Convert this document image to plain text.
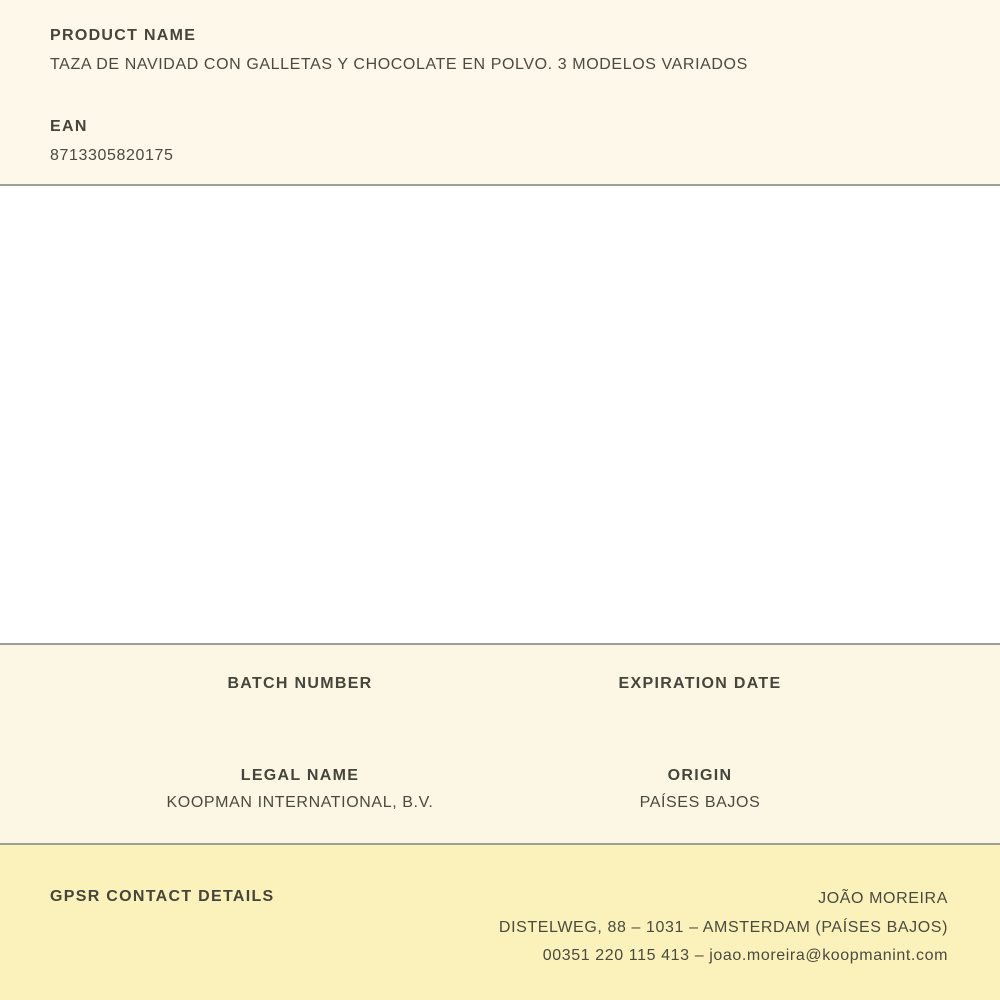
PRODUCT NAME
TAZA DE NAVIDAD CON GALLETAS Y CHOCOLATE EN POLVO. 3 MODELOS VARIADOS
EAN
8713305820175
BATCH NUMBER	EXPIRATION DATE
LEGAL NAME
KOOPMAN INTERNATIONAL, B.V.
ORIGIN
PAÍSES BAJOS
GPSR CONTACT DETAILS	JOÃO MOREIRA
DISTELWEG, 88 – 1031 – AMSTERDAM (PAÍSES BAJOS)
00351 220 115 413 – joao.moreira@koopmanint.com
